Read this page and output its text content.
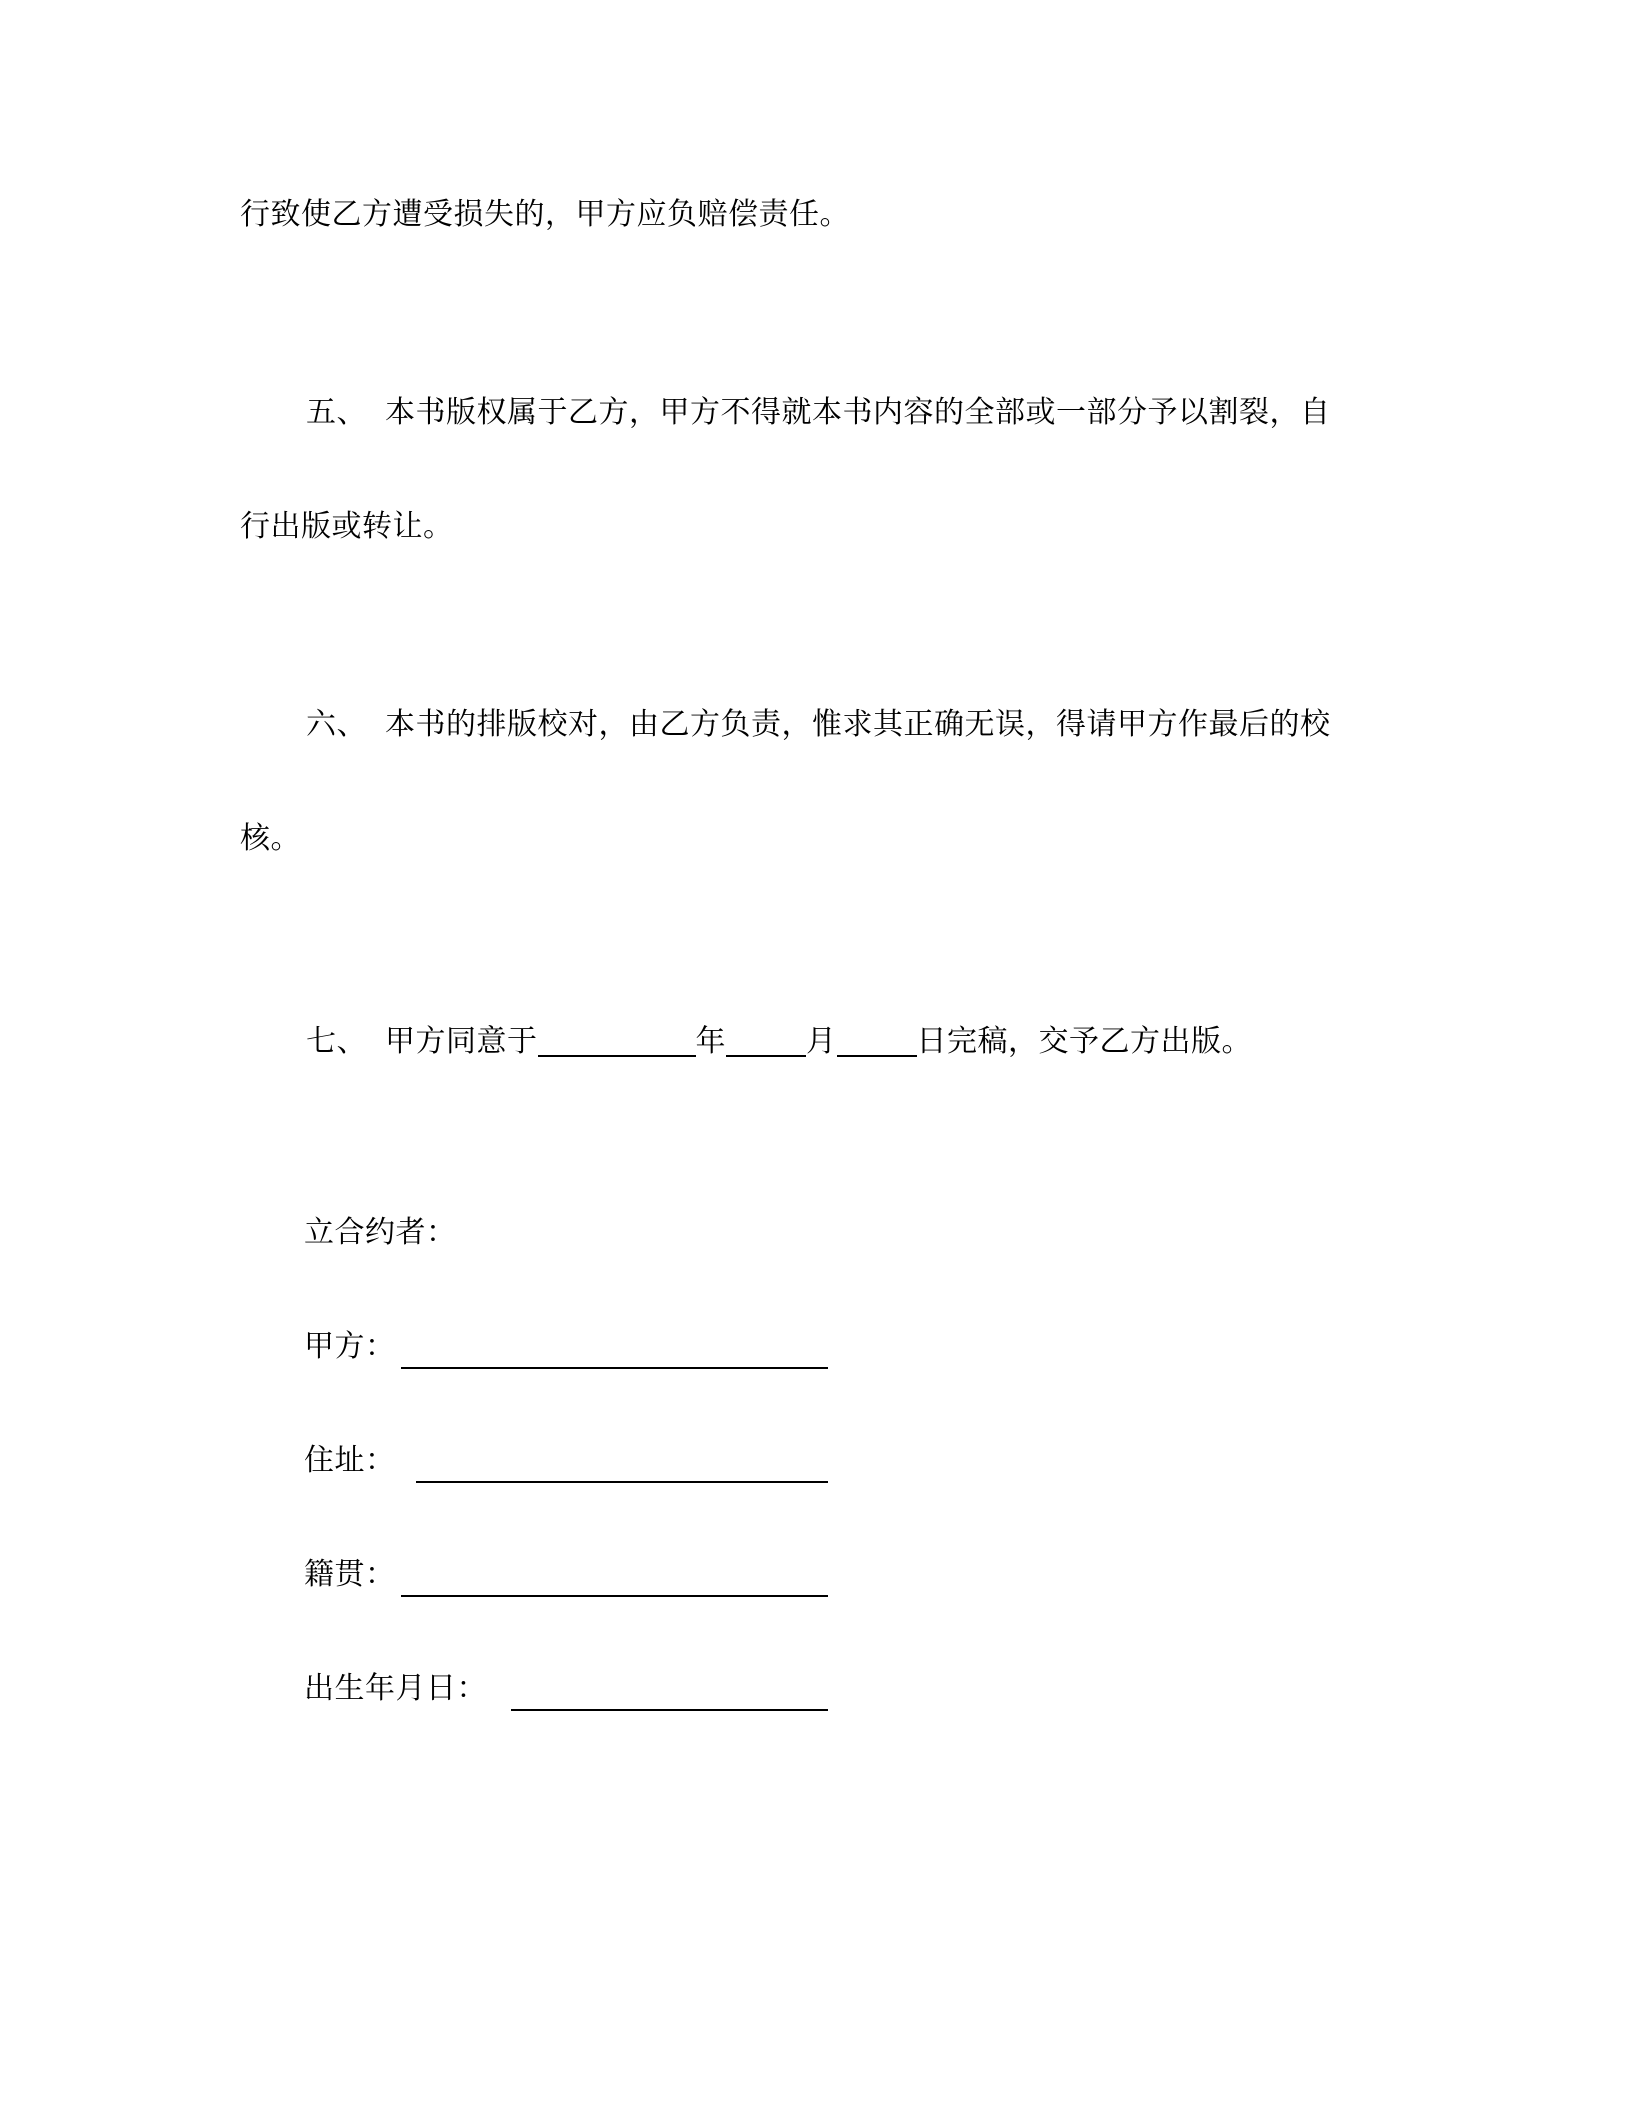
行致使乙方遭受损失的，甲方应负赔偿责任。
五、 本书版权属于乙方，甲方不得就本书内容的全部或一部分予以割裂，自
行出版或转让。
六、 本书的排版校对，由乙方负责，惟求其正确无误，得请甲方作最后的校
核。
七、 甲方同意于	年	月	日完稿，交予乙方出版。
立合约者：
甲方：
住址：
籍贯：
出生年月日：
